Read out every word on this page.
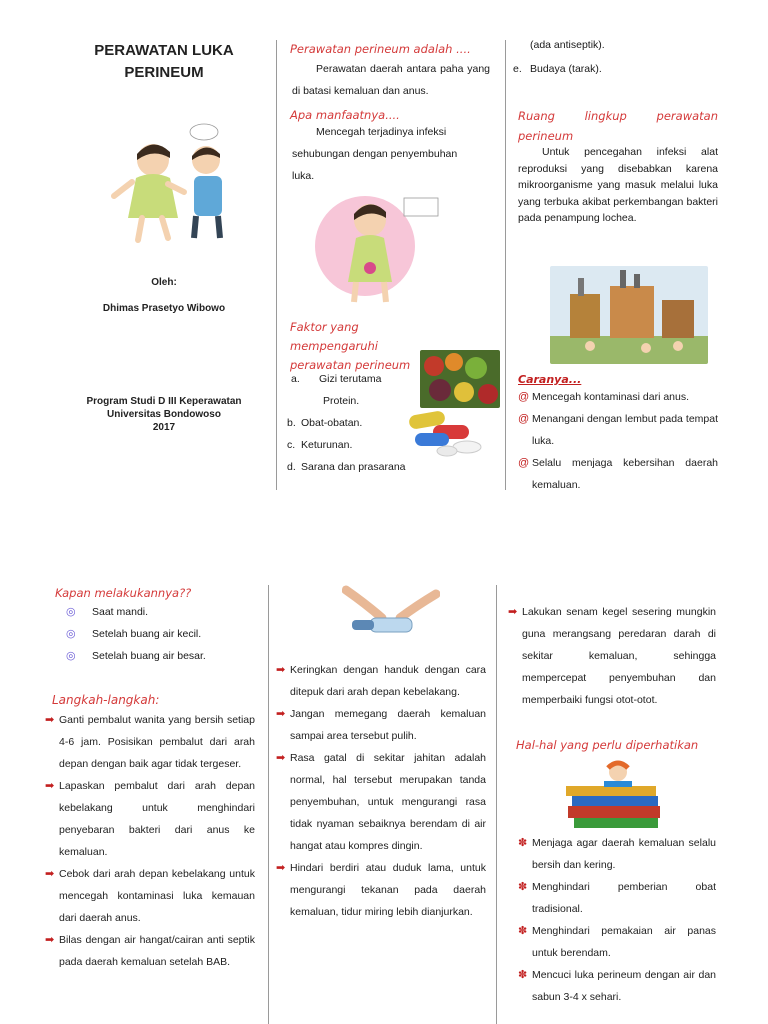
PERAWATAN LUKA
PERINEUM
Oleh:
Dhimas Prasetyo Wibowo
Program Studi D III Keperawatan
Universitas Bondowoso
2017
Perawatan perineum adalah ....
Perawatan daerah antara paha yang di batasi kemaluan dan anus.
Apa manfaatnya....
Mencegah terjadinya infeksi sehubungan dengan penyembuhan luka.
Faktor yang mempengaruhi perawatan perineum
a. Gizi terutama
Protein.
b. Obat-obatan.
c. Keturunan.
d. Sarana dan prasarana
(ada antiseptik).
e. Budaya (tarak).
Ruang lingkup perawatan perineum
Untuk pencegahan infeksi alat reproduksi yang disebabkan karena mikroorganisme yang masuk melalui luka yang terbuka akibat perkembangan bakteri pada penampung lochea.
Caranya...
@ Mencegah kontaminasi dari anus.
@ Menangani dengan lembut pada tempat luka.
@ Selalu menjaga kebersihan daerah kemaluan.
Kapan melakukannya??
◎ Saat mandi.
◎ Setelah buang air kecil.
◎ Setelah buang air besar.
Langkah-langkah:
➡ Ganti pembalut wanita yang bersih setiap 4-6 jam. Posisikan pembalut dari arah depan dengan baik agar tidak tergeser.
➡ Lapaskan pembalut dari arah depan kebelakang untuk menghindari penyebaran bakteri dari anus ke kemaluan.
➡ Cebok dari arah depan kebelakang untuk mencegah kontaminasi luka kemauan dari daerah anus.
➡ Bilas dengan air hangat/cairan anti septik pada daerah kemaluan setelah BAB.
➡ Keringkan dengan handuk dengan cara ditepuk dari arah depan kebelakang.
➡ Jangan memegang daerah kemaluan sampai area tersebut pulih.
➡ Rasa gatal di sekitar jahitan adalah normal, hal tersebut merupakan tanda penyembuhan, untuk mengurangi rasa tidak nyaman sebaiknya berendam di air hangat atau kompres dingin.
➡ Hindari berdiri atau duduk lama, untuk mengurangi tekanan pada daerah kemaluan, tidur miring lebih dianjurkan.
➡ Lakukan senam kegel sesering mungkin guna merangsang peredaran darah di sekitar kemaluan, sehingga mempercepat penyembuhan dan memperbaiki fungsi otot-otot.
Hal-hal yang perlu diperhatikan
✽ Menjaga agar daerah kemaluan selalu bersih dan kering.
✽ Menghindari pemberian obat tradisional.
✽ Menghindari pemakaian air panas untuk berendam.
✽ Mencuci luka perineum dengan air dan sabun 3-4 x sehari.
